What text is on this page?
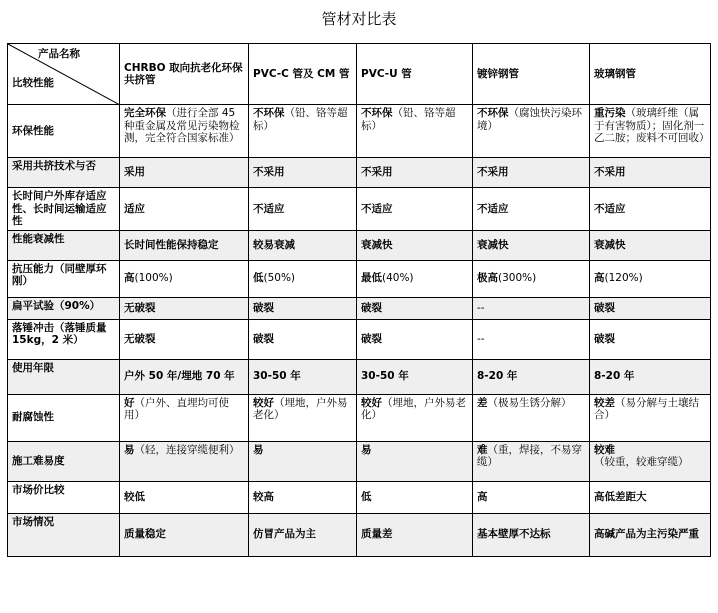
管材对比表
产品名称
比较性能	CHRBO 取向抗老化环保共挤管	PVC-C 管及 CM 管	PVC-U 管	镀锌钢管	玻璃钢管
环保性能	完全环保（进行全部 45 种重金属及常见污染物检测，完全符合国家标准）	不环保（铅、铬等超标）	不环保（铅、铬等超标）	不环保（腐蚀快污染环境）	重污染（玻璃纤维（属于有害物质）；固化剂一乙二胺；废料不可回收）
采用共挤技术与否	采用	不采用	不采用	不采用	不采用
长时间户外库存适应性、长时间运输适应性	适应	不适应	不适应	不适应	不适应
性能衰减性	长时间性能保持稳定	较易衰减	衰减快	衰减快	衰减快
抗压能力（同壁厚环刚）	高(100%)	低(50%)	最低(40%)	极高(300%)	高(120%)
扁平试验（90%）	无破裂	破裂	破裂	--	破裂
落锤冲击（落锤质量 15kg，2 米）	无破裂	破裂	破裂	--	破裂
使用年限	户外 50 年/埋地 70 年	30-50 年	30-50 年	8-20 年	8-20 年
耐腐蚀性	好（户外、直埋均可使用）	较好（埋地，户外易老化）	较好（埋地，户外易老化）	差（极易生锈分解）	较差（易分解与土壤结合）
施工难易度	易（轻，连接穿缆便利）	易	易	难（重，焊接，不易穿缆）	较难（较重，较难穿缆）
市场价比较	较低	较高	低	高	高低差距大
市场情况	质量稳定	仿冒产品为主	质量差	基本壁厚不达标	高碱产品为主污染严重
